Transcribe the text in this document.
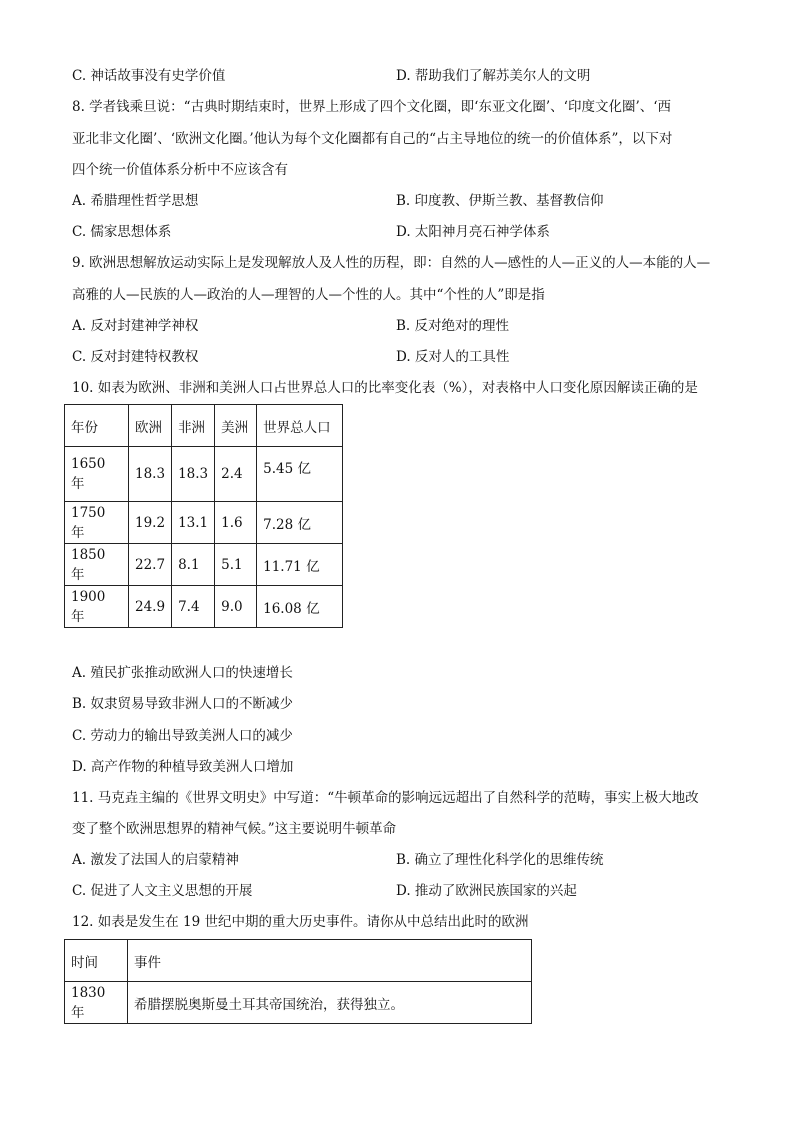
C. 神话故事没有史学价值	D. 帮助我们了解苏美尔人的文明
8. 学者钱乘旦说：“古典时期结束时，世界上形成了四个文化圈，即‘东亚文化圈’、‘印度文化圈’、‘西
亚北非文化圈’、‘欧洲文化圈。’他认为每个文化圈都有自己的“占主导地位的统一的价值体系”，以下对
四个统一价值体系分析中不应该含有
A. 希腊理性哲学思想	B. 印度教、伊斯兰教、基督教信仰
C. 儒家思想体系	D. 太阳神月亮石神学体系
9. 欧洲思想解放运动实际上是发现解放人及人性的历程，即：自然的人—感性的人—正义的人—本能的人—
高雅的人—民族的人—政治的人—理智的人—个性的人。其中“个性的人”即是指
A. 反对封建神学神权	B. 反对绝对的理性
C. 反对封建特权教权	D. 反对人的工具性
10. 如表为欧洲、非洲和美洲人口占世界总人口的比率变化表（%），对表格中人口变化原因解读正确的是
年份	欧洲	非洲	美洲	世界总人口
1650 年	18.3	18.3	2.4	5.45 亿
1750 年	19.2	13.1	1.6	7.28 亿
1850 年	22.7	8.1	5.1	11.71 亿
1900 年	24.9	7.4	9.0	16.08 亿
A. 殖民扩张推动欧洲人口的快速增长
B. 奴隶贸易导致非洲人口的不断减少
C. 劳动力的输出导致美洲人口的减少
D. 高产作物的种植导致美洲人口增加
11. 马克垚主编的《世界文明史》中写道：“牛顿革命的影响远远超出了自然科学的范畴，事实上极大地改
变了整个欧洲思想界的精神气候。”这主要说明牛顿革命
A. 激发了法国人的启蒙精神	B. 确立了理性化科学化的思维传统
C. 促进了人文主义思想的开展	D. 推动了欧洲民族国家的兴起
12. 如表是发生在 19 世纪中期的重大历史事件。请你从中总结出此时的欧洲
时间	事件
1830 年	希腊摆脱奥斯曼土耳其帝国统治，获得独立。
